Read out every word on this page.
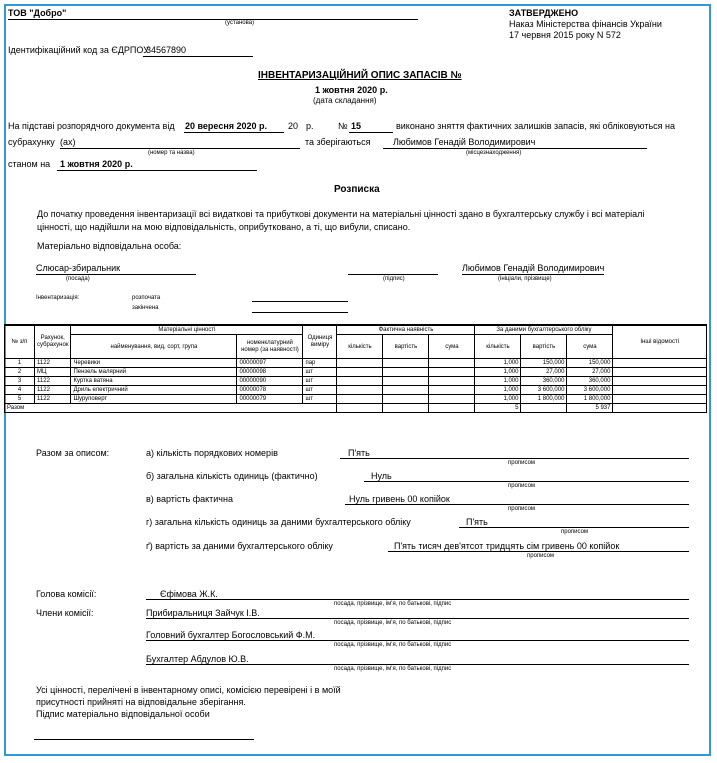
ТОВ "Добро"
(установа)
ЗАТВЕРДЖЕНО
Наказ Міністерства фінансів України
17 червня 2015 року N 572
Ідентифікаційний код за ЄДРПОУ
34567890
ІНВЕНТАРИЗАЦІЙНИЙ ОПИС ЗАПАСІВ №
1 жовтня 2020 р.
(дата складання)
На підставі розпорядчого документа від 20 вересня 2020 р. 20 р.	№ 15	виконано зняття фактичних залишків запасів, які обліковуються на
субрахунку (ах)	та зберігаються	Любимов Генадій Володимирович
(номер та назва)	(місцезнаходження)
станом на 1 жовтня 2020 р.
Розписка
До початку проведення інвентаризації всі видаткові та прибуткові документи на матеріальні цінності здано в бухгалтерську службу і всі матеріалі
цінності, що надійшли на мою відповідальність, оприбутковано, а ті, що вибули, списано.
Матеріально відповідальна особа:
Слюсар-збиральник
(посада)	(підпис)
Любимов Генадій Володимирович
(ініціали, прізвище)
Інвентаризація:	розпочата
закінчена
№ з/п	Рахунок, субрахунок	Матеріальні цінності		Одиниця виміру	Фактична наявність			За даними бухгалтерського обліку			Інші відомості
		найменування, вид, сорт, група	номенклатурний номер (за наявності)		кількість	вартість	сума	кількість	вартість	сума	
1	1122	Черевики	00000097	пар				1,000	150,000	150,000	
2	МЦ	Пензель малярний	00000098	шт				1,000	27,000	27,000	
3	1122	Куртка ватяна	00000090	шт				1,000	360,000	360,000	
4	1122	Дриль електричний	00000078	шт				1,000	3 600,000	3 600,000	
5	1122	Шуруповерт	00000079	шт				1,000	1 800,000	1 800,000	
Разом								5		5 937	
Разом за описом:	а) кількість порядкових номерів	П'ять
прописом
б) загальна кількість одиниць (фактично)	Нуль
прописом
в) вартість фактична	Нуль гривень 00 копійок
прописом
г) загальна кількість одиниць за даними бухгалтерського обліку	П'ять
прописом
ґ) вартість за даними бухгалтерського обліку	П'ять тисяч дев'ятсот тридцять сім гривень 00 копійок
прописом
Голова комісії:	Єфімова Ж.К.
посада, прізвище, ім'я, по батькові, підпис
Члени комісії:	Прибиральниця Зайчук І.В.
посада, прізвище, ім'я, по батькові, підпис
Головний бухгалтер Богословський Ф.М.
посада, прізвище, ім'я, по батькові, підпис
Бухгалтер Абдулов Ю.В.
посада, прізвище, ім'я, по батькові, підпис
Усі цінності, перелічені в інвентарному описі, комісією перевірені і в моїй
присутності прийняті на відповідальне зберігання.
Підпис матеріально відповідальної особи
